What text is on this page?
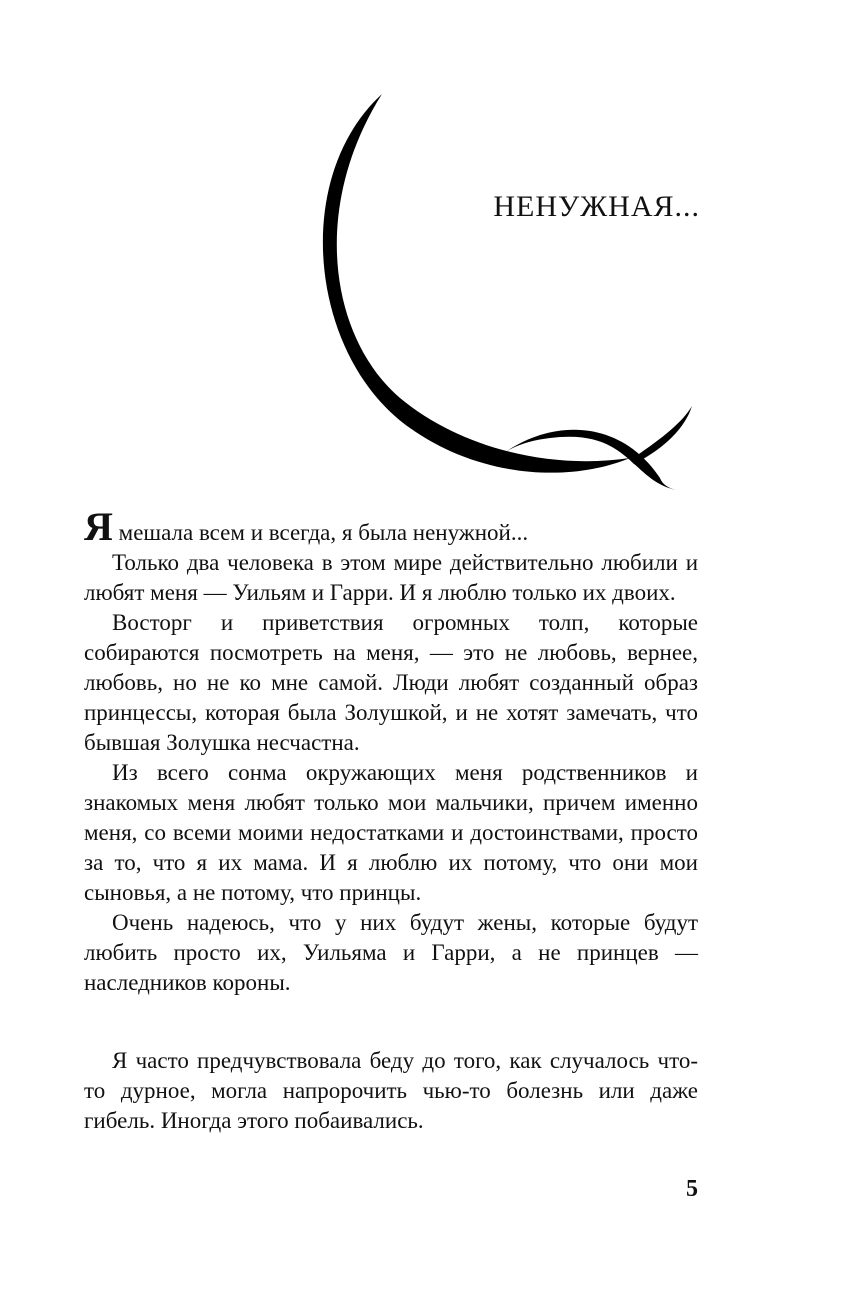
НЕНУЖНАЯ...

Я мешала всем и всегда, я была ненужной...

Только два человека в этом мире действительно любили и любят меня — Уильям и Гарри. И я люблю только их двоих.

Восторг и приветствия огромных толп, которые собираются посмотреть на меня, — это не любовь, вернее, любовь, но не ко мне самой. Люди любят созданный образ принцессы, которая была Золушкой, и не хотят замечать, что бывшая Золушка несчастна.

Из всего сонма окружающих меня родственников и знакомых меня любят только мои мальчики, причем именно меня, со всеми моими недостатками и достоинствами, просто за то, что я их мама. И я люблю их потому, что они мои сыновья, а не потому, что принцы.

Очень надеюсь, что у них будут жены, которые будут любить просто их, Уильяма и Гарри, а не принцев — наследников короны.

Я часто предчувствовала беду до того, как случалось что-то дурное, могла напророчить чью-то болезнь или даже гибель. Иногда этого побаивались.

5
